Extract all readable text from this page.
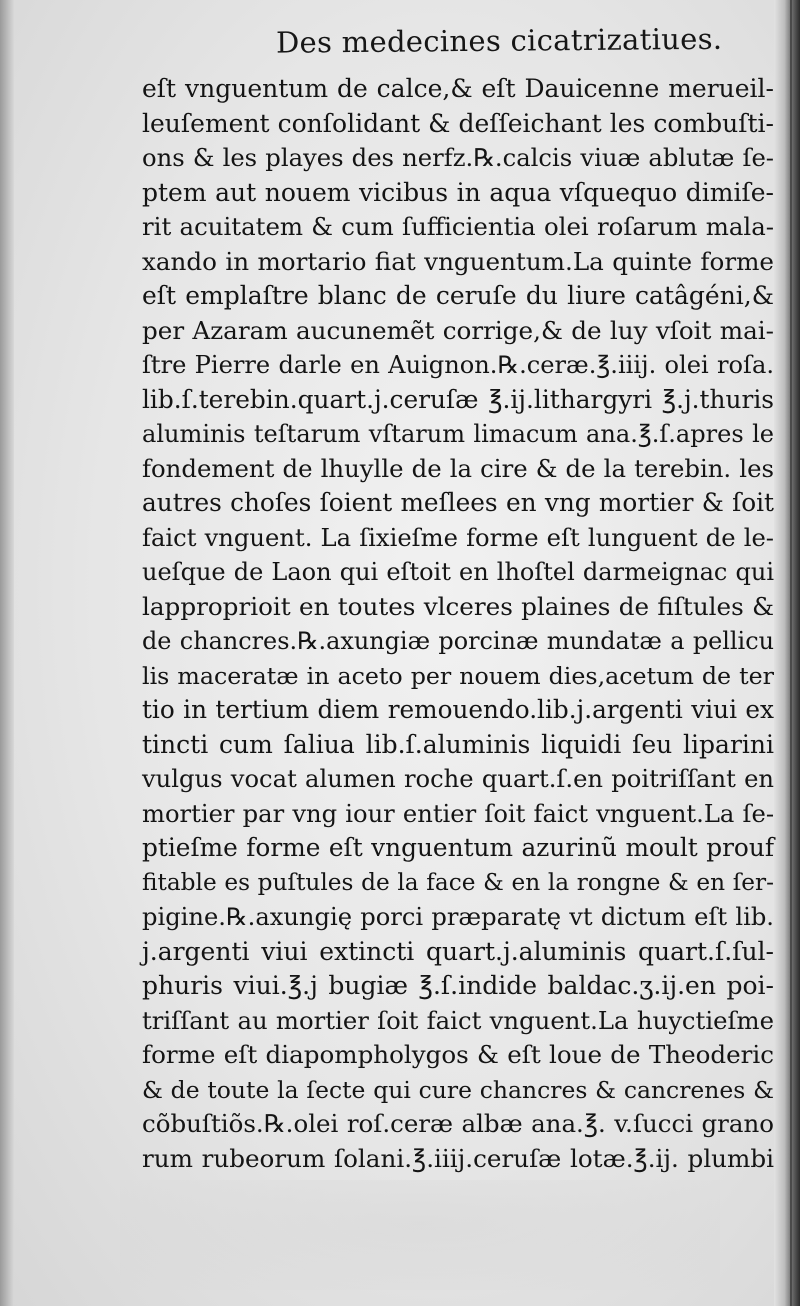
Des medecines cicatrizatiues.
eſt vnguentum de calce,& eſt Dauicenne merueil-
leuſement conſolidant & deſſeichant les combuſti-
ons & les playes des nerfz.℞.calcis viuæ ablutæ ſe-
ptem aut nouem vicibus in aqua vſquequo dimiſe-
rit acuitatem & cum ſufficientia olei roſarum mala-
xando in mortario fiat vnguentum.La quinte forme
eſt emplaſtre blanc de ceruſe du liure catâgéni,&
per Azaram aucunemẽt corrige,& de luy vſoit mai-
ſtre Pierre darle en Auignon.℞.ceræ.℥.iiij. olei roſa.
lib.ſ.terebin.quart.j.ceruſæ ℥.ij.lithargyri ℥.j.thuris
aluminis teſtarum vſtarum limacum ana.℥.ſ.apres le
fondement de lhuylle de la cire & de la terebin. les
autres choſes ſoient meſlees en vng mortier & ſoit
faict vnguent. La ſixieſme forme eſt lunguent de le-
ueſque de Laon qui eſtoit en lhoſtel darmeignac qui
lapproprioit en toutes vlceres plaines de fiſtules &
de chancres.℞.axungiæ porcinæ mundatæ a pellicu
lis maceratæ in aceto per nouem dies,acetum de ter
tio in tertium diem remouendo.lib.j.argenti viui ex
tincti cum ſaliua lib.ſ.aluminis liquidi ſeu liparini
vulgus vocat alumen roche quart.ſ.en poitriſſant en
mortier par vng iour entier ſoit faict vnguent.La ſe-
ptieſme forme eſt vnguentum azurinũ moult prouf
fitable es puſtules de la face & en la rongne & en ſer-
pigine.℞.axungię porci præparatę vt dictum eſt lib.
j.argenti viui extincti quart.j.aluminis quart.ſ.ſul-
phuris viui.℥.j bugiæ ℥.ſ.indide baldac.ʒ.ij.en poi-
triſſant au mortier ſoit faict vnguent.La huyctieſme
forme eſt diapompholygos & eſt loue de Theoderic
& de toute la ſecte qui cure chancres & cancrenes &
cõbuſtiõs.℞.olei roſ.ceræ albæ ana.℥. v.ſucci grano
rum rubeorum ſolani.℥.iiij.ceruſæ lotæ.℥.ij. plumbi
